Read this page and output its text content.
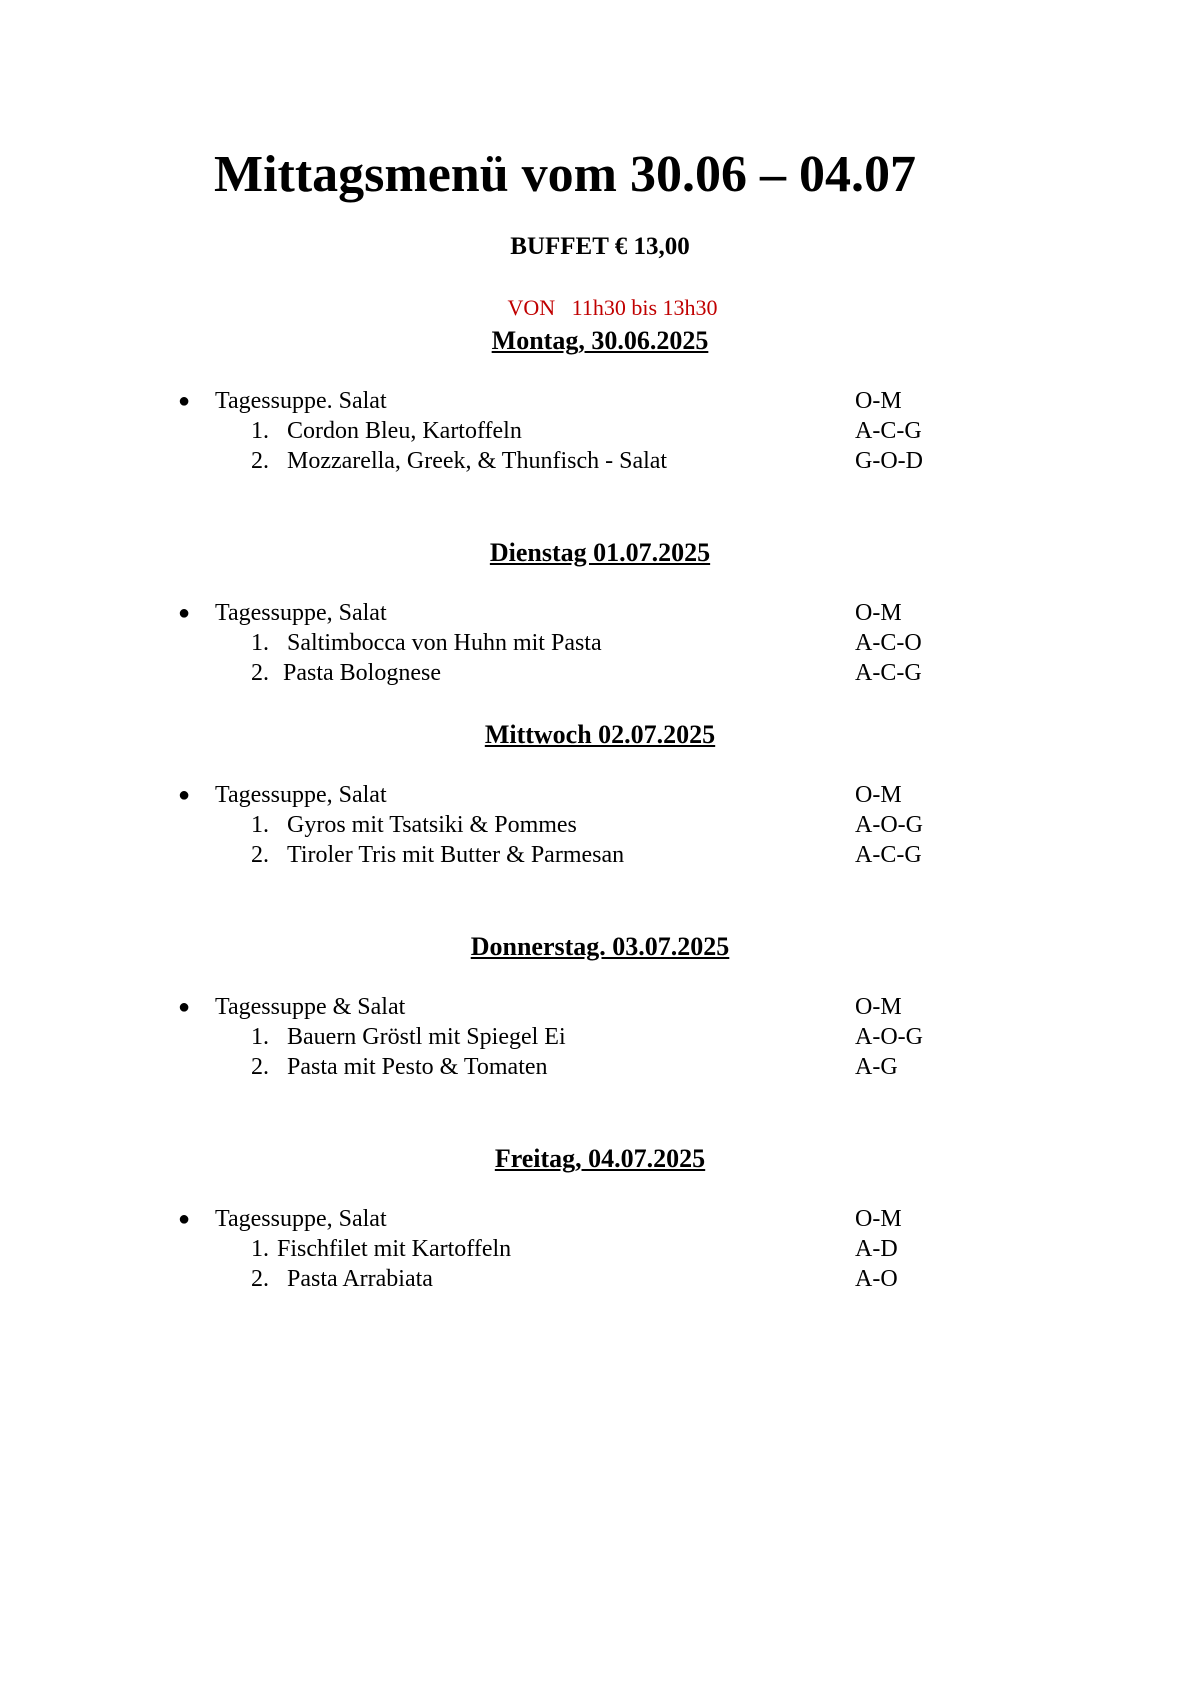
Mittagsmenü vom 30.06 – 04.07
BUFFET € 13,00
VON   11h30 bis 13h30
Montag, 30.06.2025
● Tagessuppe. Salat	O-M
1. Cordon Bleu, Kartoffeln	A-C-G
2. Mozzarella, Greek, & Thunfisch - Salat	G-O-D
Dienstag 01.07.2025
● Tagessuppe, Salat	O-M
1. Saltimbocca von Huhn mit Pasta	A-C-O
2. Pasta Bolognese	A-C-G
Mittwoch 02.07.2025
● Tagessuppe, Salat	O-M
1. Gyros mit Tsatsiki & Pommes	A-O-G
2. Tiroler Tris mit Butter & Parmesan	A-C-G
Donnerstag. 03.07.2025
● Tagessuppe & Salat	O-M
1. Bauern Gröstl mit Spiegel Ei	A-O-G
2. Pasta mit Pesto & Tomaten	A-G
Freitag, 04.07.2025
● Tagessuppe, Salat	O-M
1. Fischfilet mit Kartoffeln	A-D
2. Pasta Arrabiata	A-O
